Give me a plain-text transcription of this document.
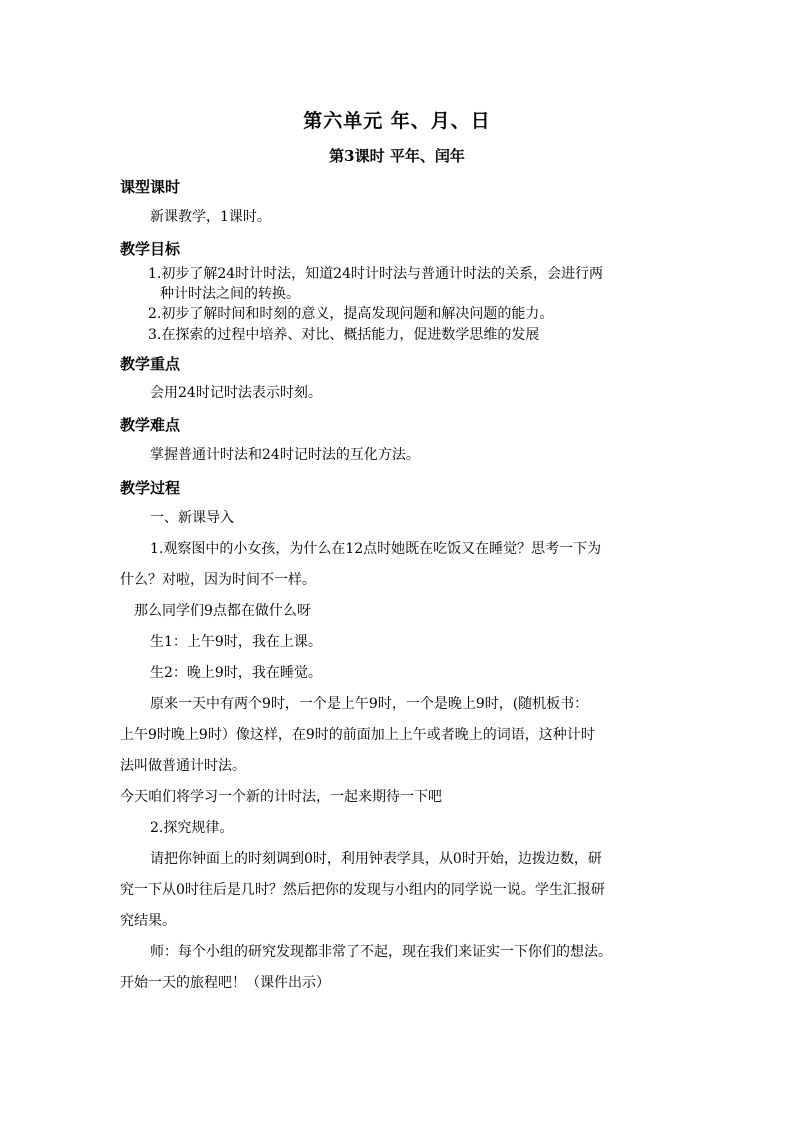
第六单元 年、月、日
第3课时 平年、闰年
课型课时
新课教学，1课时。
教学目标
1.初步了解24时计时法，知道24时计时法与普通计时法的关系，会进行两
种计时法之间的转换。
2.初步了解时间和时刻的意义，提高发现问题和解决问题的能力。
3.在探索的过程中培养、对比、概括能力，促进数学思维的发展
教学重点
会用24时记时法表示时刻。
教学难点
掌握普通计时法和24时记时法的互化方法。
教学过程
一、新课导入
1.观察图中的小女孩，为什么在12点时她既在吃饭又在睡觉？思考一下为
什么？对啦，因为时间不一样。
那么同学们9点都在做什么呀
生1：上午9时，我在上课。
生2：晚上9时，我在睡觉。
原来一天中有两个9时，一个是上午9时，一个是晚上9时，(随机板书：
上午9时晚上9时）像这样，在9时的前面加上上午或者晚上的词语，这种计时
法叫做普通计时法。
今天咱们将学习一个新的计时法，一起来期待一下吧
2.探究规律。
请把你钟面上的时刻调到0时，利用钟表学具，从0时开始，边拨边数，研
究一下从0时往后是几时？然后把你的发现与小组内的同学说一说。学生汇报研
究结果。
师：每个小组的研究发现都非常了不起，现在我们来证实一下你们的想法。
开始一天的旅程吧！（课件出示）
